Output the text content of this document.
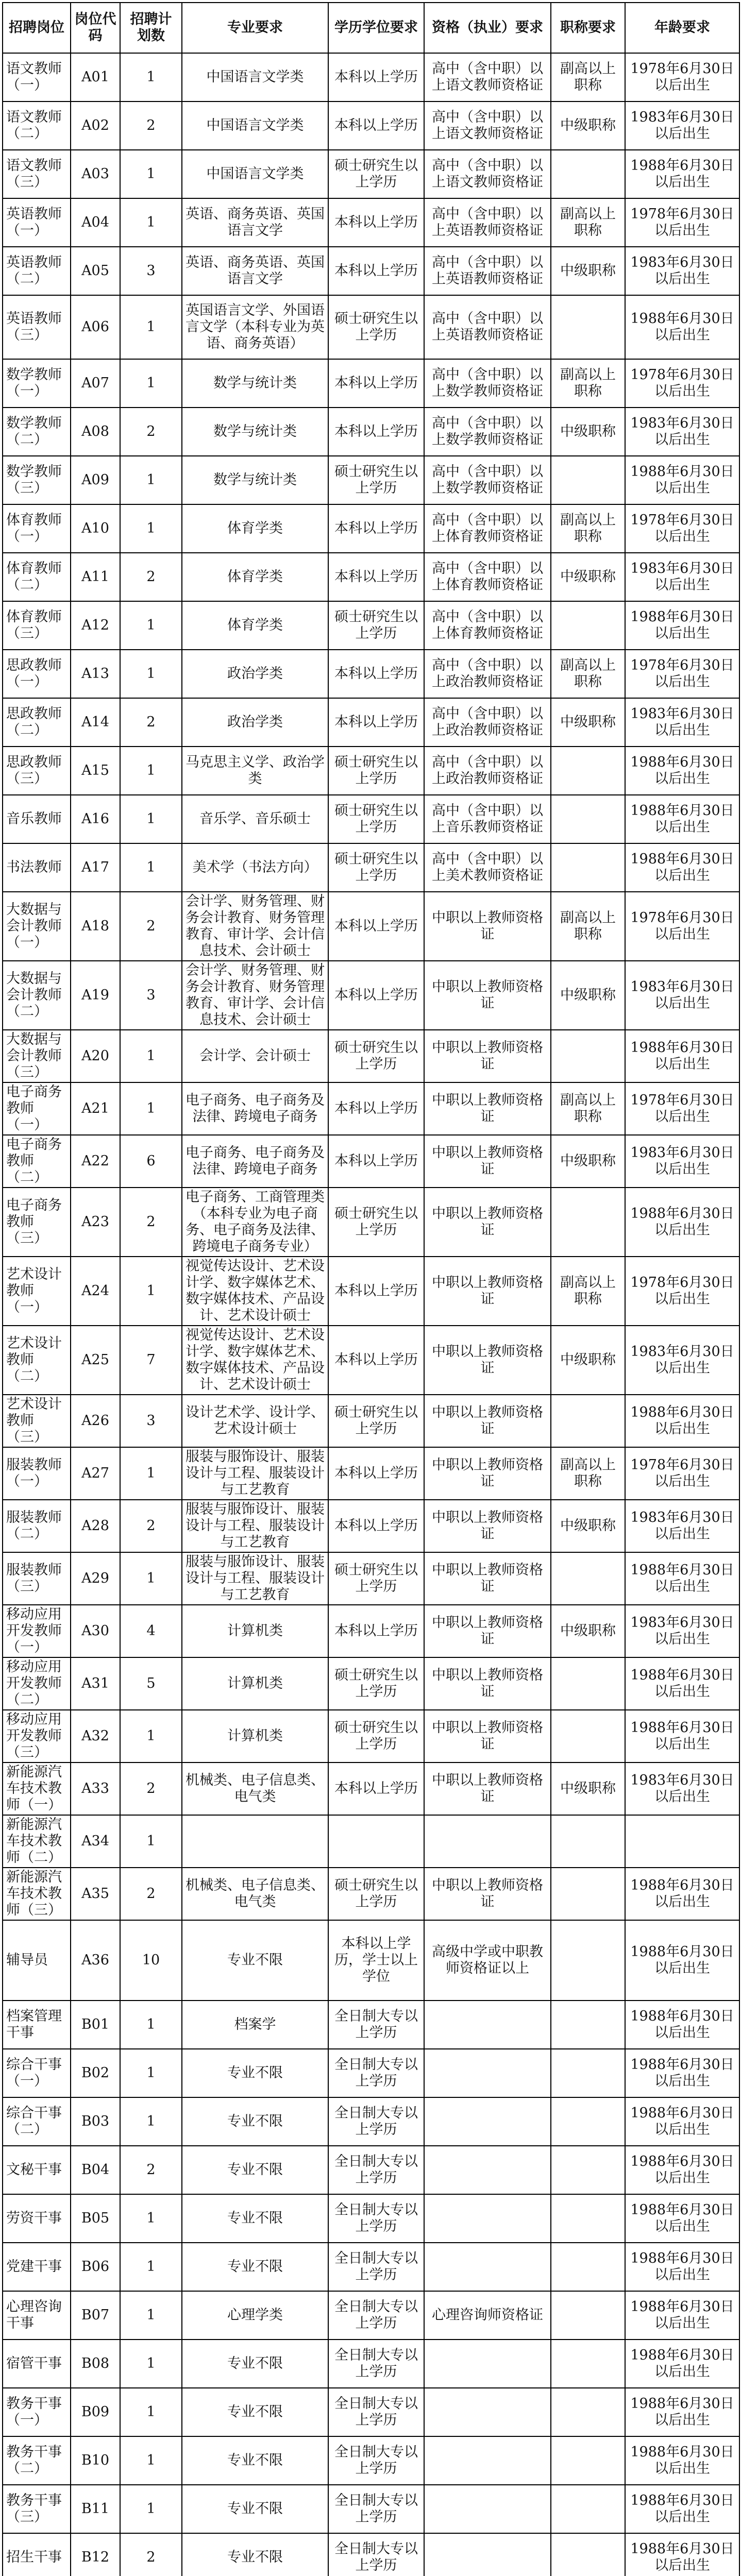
招聘岗位	岗位代码	招聘计划数	专业要求	学历学位要求	资格（执业）要求	职称要求	年龄要求
语文教师（一）	A01	1	中国语言文学类	本科以上学历	高中（含中职）以上语文教师资格证	副高以上职称	1978年6月30日以后出生
语文教师（二）	A02	2	中国语言文学类	本科以上学历	高中（含中职）以上语文教师资格证	中级职称	1983年6月30日以后出生
语文教师（三）	A03	1	中国语言文学类	硕士研究生以上学历	高中（含中职）以上语文教师资格证		1988年6月30日以后出生
英语教师（一）	A04	1	英语、商务英语、英国语言文学	本科以上学历	高中（含中职）以上英语教师资格证	副高以上职称	1978年6月30日以后出生
英语教师（二）	A05	3	英语、商务英语、英国语言文学	本科以上学历	高中（含中职）以上英语教师资格证	中级职称	1983年6月30日以后出生
英语教师（三）	A06	1	英国语言文学、外国语言文学（本科专业为英语、商务英语）	硕士研究生以上学历	高中（含中职）以上英语教师资格证		1988年6月30日以后出生
数学教师（一）	A07	1	数学与统计类	本科以上学历	高中（含中职）以上数学教师资格证	副高以上职称	1978年6月30日以后出生
数学教师（二）	A08	2	数学与统计类	本科以上学历	高中（含中职）以上数学教师资格证	中级职称	1983年6月30日以后出生
数学教师（三）	A09	1	数学与统计类	硕士研究生以上学历	高中（含中职）以上数学教师资格证		1988年6月30日以后出生
体育教师（一）	A10	1	体育学类	本科以上学历	高中（含中职）以上体育教师资格证	副高以上职称	1978年6月30日以后出生
体育教师（二）	A11	2	体育学类	本科以上学历	高中（含中职）以上体育教师资格证	中级职称	1983年6月30日以后出生
体育教师（三）	A12	1	体育学类	硕士研究生以上学历	高中（含中职）以上体育教师资格证		1988年6月30日以后出生
思政教师（一）	A13	1	政治学类	本科以上学历	高中（含中职）以上政治教师资格证	副高以上职称	1978年6月30日以后出生
思政教师（二）	A14	2	政治学类	本科以上学历	高中（含中职）以上政治教师资格证	中级职称	1983年6月30日以后出生
思政教师（三）	A15	1	马克思主义学、政治学类	硕士研究生以上学历	高中（含中职）以上政治教师资格证		1988年6月30日以后出生
音乐教师	A16	1	音乐学、音乐硕士	硕士研究生以上学历	高中（含中职）以上音乐教师资格证		1988年6月30日以后出生
书法教师	A17	1	美术学（书法方向）	硕士研究生以上学历	高中（含中职）以上美术教师资格证		1988年6月30日以后出生
大数据与会计教师（一）	A18	2	会计学、财务管理、财务会计教育、财务管理教育、审计学、会计信息技术、会计硕士	本科以上学历	中职以上教师资格证	副高以上职称	1978年6月30日以后出生
大数据与会计教师（二）	A19	3	会计学、财务管理、财务会计教育、财务管理教育、审计学、会计信息技术、会计硕士	本科以上学历	中职以上教师资格证	中级职称	1983年6月30日以后出生
大数据与会计教师（三）	A20	1	会计学、会计硕士	硕士研究生以上学历	中职以上教师资格证		1988年6月30日以后出生
电子商务教师（一）	A21	1	电子商务、电子商务及法律、跨境电子商务	本科以上学历	中职以上教师资格证	副高以上职称	1978年6月30日以后出生
电子商务教师（二）	A22	6	电子商务、电子商务及法律、跨境电子商务	本科以上学历	中职以上教师资格证	中级职称	1983年6月30日以后出生
电子商务教师（三）	A23	2	电子商务、工商管理类（本科专业为电子商务、电子商务及法律、跨境电子商务专业）	硕士研究生以上学历	中职以上教师资格证		1988年6月30日以后出生
艺术设计教师（一）	A24	1	视觉传达设计、艺术设计学、数字媒体艺术、数字媒体技术、产品设计、艺术设计硕士	本科以上学历	中职以上教师资格证	副高以上职称	1978年6月30日以后出生
艺术设计教师（二）	A25	7	视觉传达设计、艺术设计学、数字媒体艺术、数字媒体技术、产品设计、艺术设计硕士	本科以上学历	中职以上教师资格证	中级职称	1983年6月30日以后出生
艺术设计教师（三）	A26	3	设计艺术学、设计学、艺术设计硕士	硕士研究生以上学历	中职以上教师资格证		1988年6月30日以后出生
服装教师（一）	A27	1	服装与服饰设计、服装设计与工程、服装设计与工艺教育	本科以上学历	中职以上教师资格证	副高以上职称	1978年6月30日以后出生
服装教师（二）	A28	2	服装与服饰设计、服装设计与工程、服装设计与工艺教育	本科以上学历	中职以上教师资格证	中级职称	1983年6月30日以后出生
服装教师（三）	A29	1	服装与服饰设计、服装设计与工程、服装设计与工艺教育	硕士研究生以上学历	中职以上教师资格证		1988年6月30日以后出生
移动应用开发教师（一）	A30	4	计算机类	本科以上学历	中职以上教师资格证	中级职称	1983年6月30日以后出生
移动应用开发教师（二）	A31	5	计算机类	硕士研究生以上学历	中职以上教师资格证		1988年6月30日以后出生
移动应用开发教师（三）	A32	1	计算机类	硕士研究生以上学历	中职以上教师资格证		1988年6月30日以后出生
新能源汽车技术教师（一）	A33	2	机械类、电子信息类、电气类	本科以上学历	中职以上教师资格证	中级职称	1983年6月30日以后出生
新能源汽车技术教师（二）	A34	1					
新能源汽车技术教师（三）	A35	2	机械类、电子信息类、电气类	硕士研究生以上学历	中职以上教师资格证		1988年6月30日以后出生
辅导员	A36	10	专业不限	本科以上学历，学士以上学位	高级中学或中职教师资格证以上		1988年6月30日以后出生
档案管理干事	B01	1	档案学	全日制大专以上学历			1988年6月30日以后出生
综合干事（一）	B02	1	专业不限	全日制大专以上学历			1988年6月30日以后出生
综合干事（二）	B03	1	专业不限	全日制大专以上学历			1988年6月30日以后出生
文秘干事	B04	2	专业不限	全日制大专以上学历			1988年6月30日以后出生
劳资干事	B05	1	专业不限	全日制大专以上学历			1988年6月30日以后出生
党建干事	B06	1	专业不限	全日制大专以上学历			1988年6月30日以后出生
心理咨询干事	B07	1	心理学类	全日制大专以上学历	心理咨询师资格证		1988年6月30日以后出生
宿管干事	B08	1	专业不限	全日制大专以上学历			1988年6月30日以后出生
教务干事（一）	B09	1	专业不限	全日制大专以上学历			1988年6月30日以后出生
教务干事（二）	B10	1	专业不限	全日制大专以上学历			1988年6月30日以后出生
教务干事（三）	B11	1	专业不限	全日制大专以上学历			1988年6月30日以后出生
招生干事	B12	2	专业不限	全日制大专以上学历			1988年6月30日以后出生
